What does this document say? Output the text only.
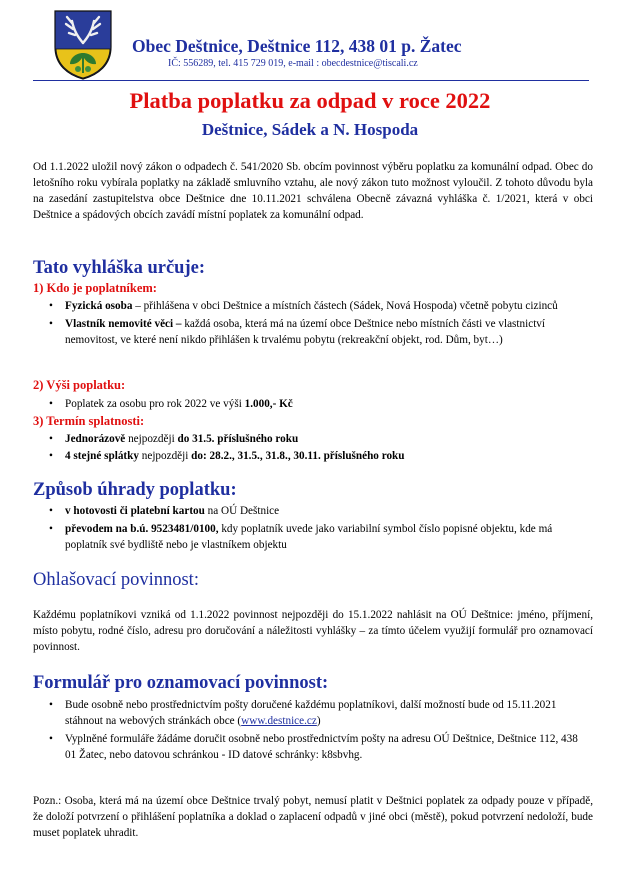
Obec Deštnice, Deštnice 112, 438 01 p. Žatec
IČ: 556289, tel. 415 729 019, e-mail : obecdestnice@tiscali.cz
Platba poplatku za odpad v roce 2022
Deštnice, Sádek a N. Hospoda
Od 1.1.2022 uložil nový zákon o odpadech č. 541/2020 Sb. obcím povinnost výběru poplatku za komunální odpad. Obec do letošního roku vybírala poplatky na základě smluvního vztahu, ale nový zákon tuto možnost vyloučil. Z tohoto důvodu byla na zasedání zastupitelstva obce Deštnice dne 10.11.2021 schválena Obecně závazná vyhláška č. 1/2021, která v obci Deštnice a spádových obcích zavádí místní poplatek za komunální odpad.
Tato vyhláška určuje:
1) Kdo je poplatníkem:
• Fyzická osoba – přihlášena v obci Deštnice a místních částech (Sádek, Nová Hospoda) včetně pobytu cizinců
• Vlastník nemovité věci – každá osoba, která má na území obce Deštnice nebo místních části ve vlastnictví nemovitost, ve které není nikdo přihlášen k trvalému pobytu (rekreakční objekt, rod. Dům, byt…)
2) Výši poplatku:
• Poplatek za osobu pro rok 2022 ve výši 1.000,- Kč
3) Termín splatnosti:
• Jednorázově nejpozději do 31.5. příslušného roku
• 4 stejné splátky nejpozději do: 28.2., 31.5., 31.8., 30.11. příslušného roku
Způsob úhrady poplatku:
• v hotovosti či platební kartou na OÚ Deštnice
• převodem na b.ú. 9523481/0100, kdy poplatník uvede jako variabilní symbol číslo popisné objektu, kde má poplatník své bydliště nebo je vlastníkem objektu
Ohlašovací povinnost:
Každému poplatníkovi vzniká od 1.1.2022 povinnost nejpozději do 15.1.2022 nahlásit na OÚ Deštnice: jméno, příjmení, místo pobytu, rodné číslo, adresu pro doručování a náležitosti vyhlášky – za tímto účelem využijí formulář pro oznamovací povinnost.
Formulář pro oznamovací povinnost:
• Bude osobně nebo prostřednictvím pošty doručené každému poplatníkovi, další možností bude od 15.11.2021 stáhnout na webových stránkách obce (www.destnice.cz)
• Vyplněné formuláře žádáme doručit osobně nebo prostřednictvím pošty na adresu OÚ Deštnice, Deštnice 112, 438 01 Žatec, nebo datovou schránkou - ID datové schránky: k8sbvhg.
Pozn.: Osoba, která má na území obce Deštnice trvalý pobyt, nemusí platit v Deštnici poplatek za odpady pouze v případě, že doloží potvrzení o přihlášení poplatníka a doklad o zaplacení odpadů v jiné obci (městě), pokud potvrzení nedoloží, bude muset poplatek uhradit.
